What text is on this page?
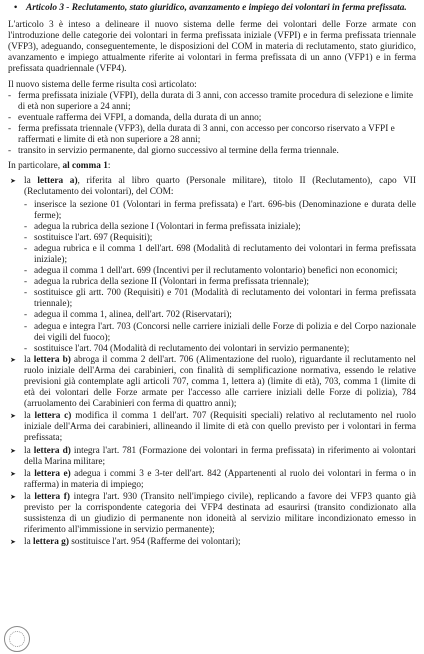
• Articolo 3 - Reclutamento, stato giuridico, avanzamento e impiego dei volontari in ferma prefissata.

L'articolo 3 è inteso a delineare il nuovo sistema delle ferme dei volontari delle Forze armate con l'introduzione delle categorie dei volontari in ferma prefissata iniziale (VFPI) e in ferma prefissata triennale (VFP3), adeguando, conseguentemente, le disposizioni del COM in materia di reclutamento, stato giuridico, avanzamento e impiego attualmente riferite ai volontari in ferma prefissata di un anno (VFP1) e in ferma prefissata quadriennale (VFP4).

Il nuovo sistema delle ferme risulta così articolato:

- ferma prefissata iniziale (VFPI), della durata di 3 anni, con accesso tramite procedura di selezione e limite di età non superiore a 24 anni;
- eventuale rafferma dei VFPI, a domanda, della durata di un anno;
- ferma prefissata triennale (VFP3), della durata di 3 anni, con accesso per concorso riservato a VFPI e raffermati e limite di età non superiore a 28 anni;
- transito in servizio permanente, dal giorno successivo al termine della ferma triennale.

In particolare, al comma 1:

➤ la lettera a), riferita al libro quarto (Personale militare), titolo II (Reclutamento), capo VII (Reclutamento dei volontari), del COM:
- inserisce la sezione 01 (Volontari in ferma prefissata) e l'art. 696-bis (Denominazione e durata delle ferme);
- adegua la rubrica della sezione I (Volontari in ferma prefissata iniziale);
- sostituisce l'art. 697 (Requisiti);
- adegua rubrica e il comma 1 dell'art. 698 (Modalità di reclutamento dei volontari in ferma prefissata iniziale);
- adegua il comma 1 dell'art. 699 (Incentivi per il reclutamento volontario) benefici non economici;
- adegua la rubrica della sezione II (Volontari in ferma prefissata triennale);
- sostituisce gli artt. 700 (Requisiti) e 701 (Modalità di reclutamento dei volontari in ferma prefissata triennale);
- adegua il comma 1, alinea, dell'art. 702 (Riservatari);
- adegua e integra l'art. 703 (Concorsi nelle carriere iniziali delle Forze di polizia e del Corpo nazionale dei vigili del fuoco);
- sostituisce l'art. 704 (Modalità di reclutamento dei volontari in servizio permanente);
➤ la lettera b) abroga il comma 2 dell'art. 706 (Alimentazione del ruolo), riguardante il reclutamento nel ruolo iniziale dell'Arma dei carabinieri, con finalità di semplificazione normativa, essendo le relative previsioni già contemplate agli articoli 707, comma 1, lettera a) (limite di età), 703, comma 1 (limite di età dei volontari delle Forze armate per l'accesso alle carriere iniziali delle Forze di polizia), 784 (arruolamento dei Carabinieri con ferma di quattro anni);
➤ la lettera c) modifica il comma 1 dell'art. 707 (Requisiti speciali) relativo al reclutamento nel ruolo iniziale dell'Arma dei carabinieri, allineando il limite di età con quello previsto per i volontari in ferma prefissata;
➤ la lettera d) integra l'art. 781 (Formazione dei volontari in ferma prefissata) in riferimento ai volontari della Marina militare;
➤ la lettera e) adegua i commi 3 e 3-ter dell'art. 842 (Appartenenti al ruolo dei volontari in ferma o in rafferma) in materia di impiego;
➤ la lettera f) integra l'art. 930 (Transito nell'impiego civile), replicando a favore dei VFP3 quanto già previsto per la corrispondente categoria dei VFP4 destinata ad esaurirsi (transito condizionato alla sussistenza di un giudizio di permanente non idoneità al servizio militare incondizionato emesso in riferimento all'immissione in servizio permanente);
➤ la lettera g) sostituisce l'art. 954 (Rafferme dei volontari);
